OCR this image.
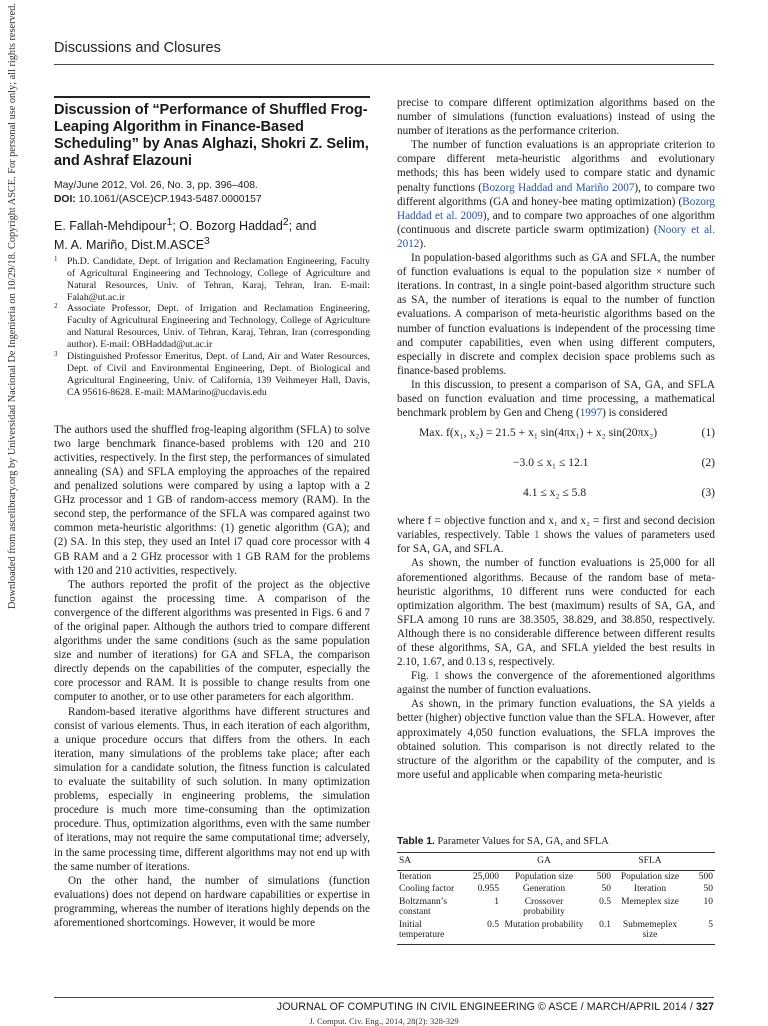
Discussions and Closures
Downloaded from ascelibrary.org by Universidad Nacional De Ingenieria on 10/29/18. Copyright ASCE. For personal use only; all rights reserved. Discussion of “Performance of Shuffled Frog-Leaping Algorithm in Finance-Based Scheduling” by Anas Alghazi, Shokri Z. Selim, and Ashraf Elazouni
May/June 2012, Vol. 26, No. 3, pp. 396–408.
DOI: 10.1061/(ASCE)CP.1943-5487.0000157
E. Fallah-Mehdipour$^1$; O. Bozorg Haddad$^2$; and
M. A. Mariño, Dist.M.ASCE$^3$
1 Ph.D. Candidate, Dept. of Irrigation and Reclamation Engineering, Faculty of Agricultural Engineering and Technology, College of Agriculture and Natural Resources, Univ. of Tehran, Karaj, Tehran, Iran. E-mail: Falah@ut.ac.ir
2 Associate Professor, Dept. of Irrigation and Reclamation Engineering, Faculty of Agricultural Engineering and Technology, College of Agriculture and Natural Resources, Univ. of Tehran, Karaj, Tehran, Iran (corresponding author). E-mail: OBHaddad@ut.ac.ir
3 Distinguished Professor Emeritus, Dept. of Land, Air and Water Resources, Dept. of Civil and Environmental Engineering, Dept. of Biological and Agricultural Engineering, Univ. of California, 139 Veihmeyer Hall, Davis, CA 95616-8628. E-mail: MAMarino@ucdavis.edu

The authors used the shuffled frog-leaping algorithm (SFLA) to solve two large benchmark finance-based problems with 120 and 210 activities, respectively. In the first step, the performances of simulated annealing (SA) and SFLA employing the approaches of the repaired and penalized solutions were compared by using a laptop with a 2 GHz processor and 1 GB of random-access memory (RAM). In the second step, the performance of the SFLA was compared against two common meta-heuristic algorithms: (1) genetic algorithm (GA); and (2) SA. In this step, they used an Intel i7 quad core processor with 4 GB RAM and a 2 GHz processor with 1 GB RAM for the problems with 120 and 210 activities, respectively.

The authors reported the profit of the project as the objective function against the processing time. A comparison of the convergence of the different algorithms was presented in Figs. 6 and 7 of the original paper. Although the authors tried to compare different algorithms under the same conditions (such as the same population size and number of iterations) for GA and SFLA, the comparison directly depends on the capabilities of the computer, especially the core processor and RAM. It is possible to change results from one computer to another, or to use other parameters for each algorithm.

Random-based iterative algorithms have different structures and consist of various elements. Thus, in each iteration of each algorithm, a unique procedure occurs that differs from the others. In each iteration, many simulations of the problems take place; after each simulation for a candidate solution, the fitness function is calculated to evaluate the suitability of such solution. In many optimization problems, especially in engineering problems, the simulation procedure is much more time-consuming than the optimization procedure. Thus, optimization algorithms, even with the same number of iterations, may not require the same computational time; adversely, in the same processing time, different algorithms may not end up with the same number of iterations.

On the other hand, the number of simulations (function evaluations) does not depend on hardware capabilities or expertise in programming, whereas the number of iterations highly depends on the aforementioned shortcomings. However, it would be more

precise to compare different optimization algorithms based on the number of simulations (function evaluations) instead of using the number of iterations as the performance criterion.

The number of function evaluations is an appropriate criterion to compare different meta-heuristic algorithms and evolutionary methods; this has been widely used to compare static and dynamic penalty functions (Bozorg Haddad and Mariño 2007), to compare two different algorithms (GA and honey-bee mating optimization) (Bozorg Haddad et al. 2009), and to compare two approaches of one algorithm (continuous and discrete particle swarm optimization) (Noory et al. 2012).

In population-based algorithms such as GA and SFLA, the number of function evaluations is equal to the population size × number of iterations. In contrast, in a single point-based algorithm structure such as SA, the number of iterations is equal to the number of function evaluations. A comparison of meta-heuristic algorithms based on the number of function evaluations is independent of the processing time and computer capabilities, even when using different computers, especially in discrete and complex decision space problems such as finance-based problems.

In this discussion, to present a comparison of SA, GA, and SFLA based on function evaluation and time processing, a mathematical benchmark problem by Gen and Cheng (1997) is considered

Max. f(x₁, x₂) = 21.5 + x₁ sin(4πx₁) + x₂ sin(20πx₂)	(1)
−3.0 ≤ x₁ ≤ 12.1	(2)
4.1 ≤ x₂ ≤ 5.8	(3)

where f = objective function and x₁ and x₂ = first and second decision variables, respectively. Table 1 shows the values of parameters used for SA, GA, and SFLA.

As shown, the number of function evaluations is 25,000 for all aforementioned algorithms. Because of the random base of meta-heuristic algorithms, 10 different runs were conducted for each optimization algorithm. The best (maximum) results of SA, GA, and SFLA among 10 runs are 38.3505, 38.829, and 38.850, respectively. Although there is no considerable difference between different results of these algorithms, SA, GA, and SFLA yielded the best results in 2.10, 1.67, and 0.13 s, respectively.

Fig. 1 shows the convergence of the aforementioned algorithms against the number of function evaluations.

As shown, in the primary function evaluations, the SA yields a better (higher) objective function value than the SFLA. However, after approximately 4,050 function evaluations, the SFLA improves the obtained solution. This comparison is not directly related to the structure of the algorithm or the capability of the computer, and is more useful and applicable when comparing meta-heuristic

Table 1. Parameter Values for SA, GA, and SFLA
SA		GA		SFLA	
Iteration	25,000	Population size	500	Population size	500
Cooling factor	0.955	Generation	50	Iteration	50
Boltzmann’s constant	1	Crossover probability	0.5	Memeplex size	10
Initial temperature	0.5	Mutation probability	0.1	Submemeplex size	5
JOURNAL OF COMPUTING IN CIVIL ENGINEERING © ASCE / MARCH/APRIL 2014 / 327
J. Comput. Civ. Eng., 2014, 28(2): 328-329
